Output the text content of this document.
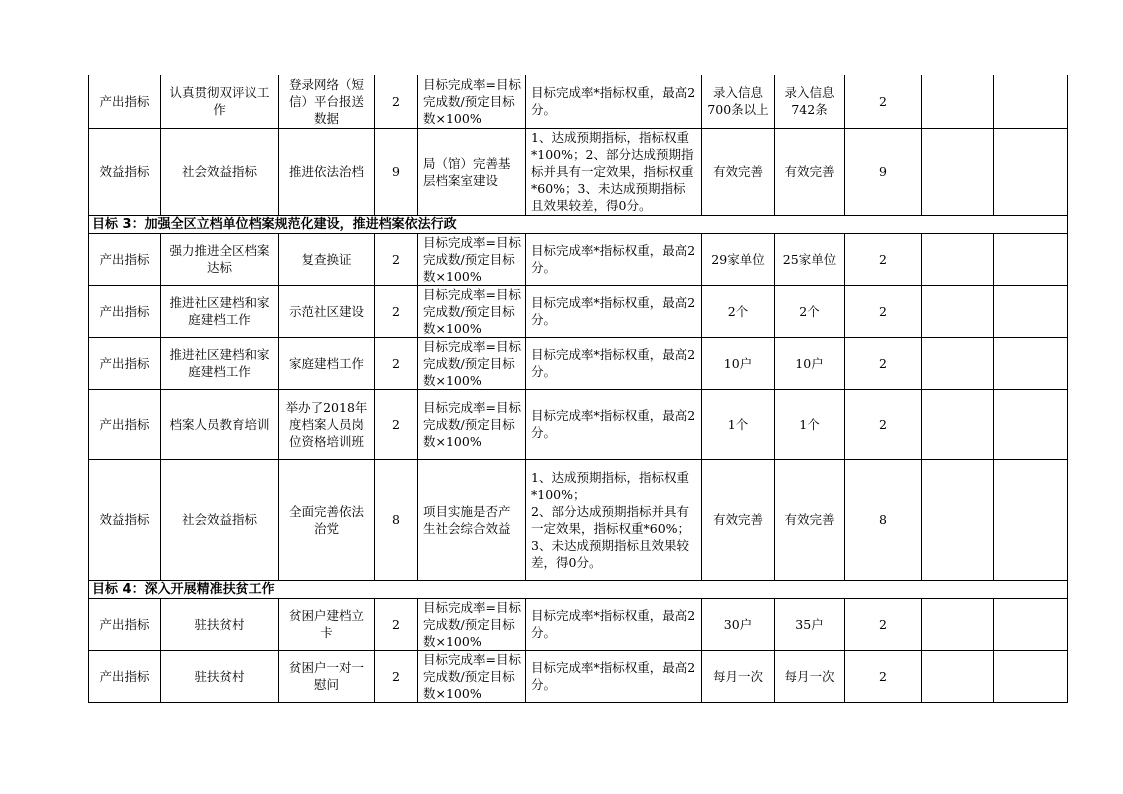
产出指标	认真贯彻双评议工作	登录网络（短信）平台报送数据	2	目标完成率=目标完成数/预定目标数×100%	目标完成率*指标权重，最高2分。	录入信息700条以上	录入信息742条	2		
效益指标	社会效益指标	推进依法治档	9	局（馆）完善基层档案室建设	1、达成预期指标，指标权重*100%；2、部分达成预期指标并具有一定效果，指标权重*60%；3、未达成预期指标且效果较差，得0分。	有效完善	有效完善	9		
目标 3：加强全区立档单位档案规范化建设，推进档案依法行政										
产出指标	强力推进全区档案达标	复查换证	2	目标完成率=目标完成数/预定目标数×100%	目标完成率*指标权重，最高2分。	29家单位	25家单位	2		
产出指标	推进社区建档和家庭建档工作	示范社区建设	2	目标完成率=目标完成数/预定目标数×100%	目标完成率*指标权重，最高2分。	2个	2个	2		
产出指标	推进社区建档和家庭建档工作	家庭建档工作	2	目标完成率=目标完成数/预定目标数×100%	目标完成率*指标权重，最高2分。	10户	10户	2		
产出指标	档案人员教育培训	举办了2018年度档案人员岗位资格培训班	2	目标完成率=目标完成数/预定目标数×100%	目标完成率*指标权重，最高2分。	1个	1个	2		
效益指标	社会效益指标	全面完善依法治党	8	项目实施是否产生社会综合效益	1、达成预期指标，指标权重*100%；
2、部分达成预期指标并具有一定效果，指标权重*60%；
3、未达成预期指标且效果较差，得0分。	有效完善	有效完善	8		
目标 4：深入开展精准扶贫工作										
产出指标	驻扶贫村	贫困户建档立卡	2	目标完成率=目标完成数/预定目标数×100%	目标完成率*指标权重，最高2分。	30户	35户	2		
产出指标	驻扶贫村	贫困户一对一慰问	2	目标完成率=目标完成数/预定目标数×100%	目标完成率*指标权重，最高2分。	每月一次	每月一次	2		
